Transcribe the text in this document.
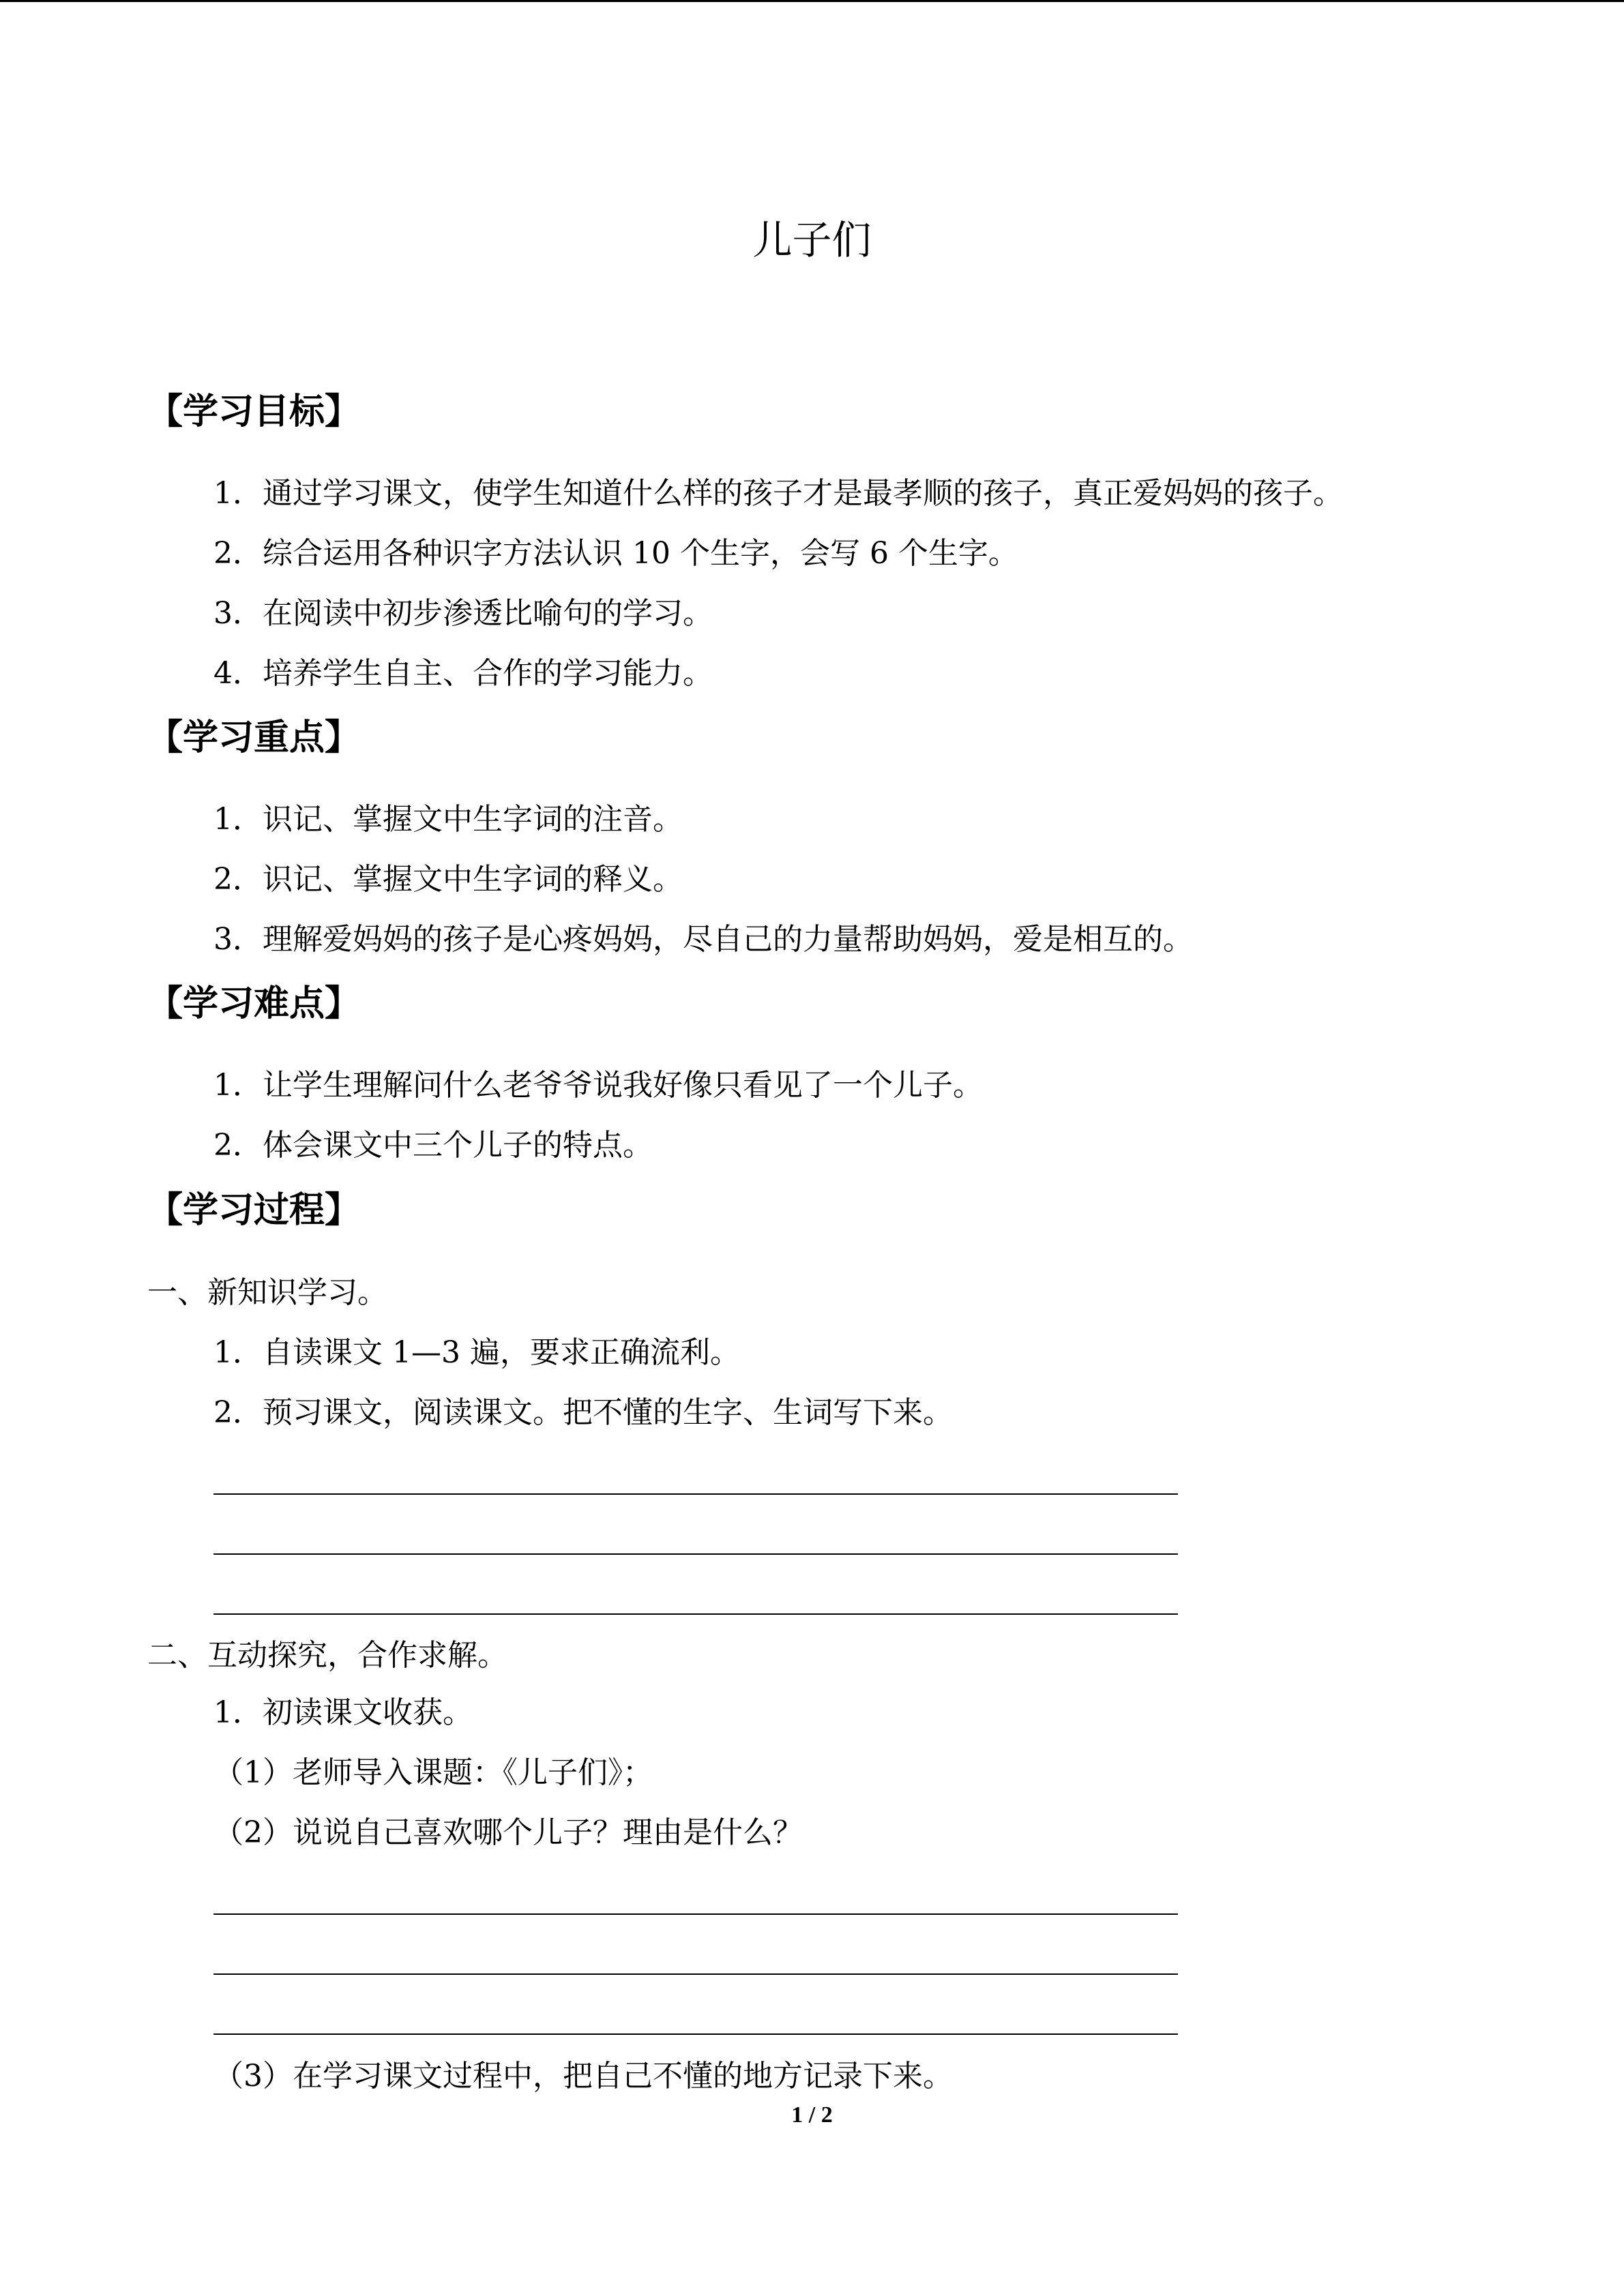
儿子们
【学习目标】
1．通过学习课文，使学生知道什么样的孩子才是最孝顺的孩子，真正爱妈妈的孩子。
2．综合运用各种识字方法认识 10 个生字，会写 6 个生字。
3．在阅读中初步渗透比喻句的学习。
4．培养学生自主、合作的学习能力。
【学习重点】
1．识记、掌握文中生字词的注音。
2．识记、掌握文中生字词的释义。
3．理解爱妈妈的孩子是心疼妈妈，尽自己的力量帮助妈妈，爱是相互的。
【学习难点】
1．让学生理解问什么老爷爷说我好像只看见了一个儿子。
2．体会课文中三个儿子的特点。
【学习过程】
一、新知识学习。
1．自读课文 1—3 遍，要求正确流利。
2．预习课文，阅读课文。把不懂的生字、生词写下来。
二、互动探究，合作求解。
1．初读课文收获。
（1）老师导入课题：《儿子们》；
（2）说说自己喜欢哪个儿子？理由是什么？
（3）在学习课文过程中，把自己不懂的地方记录下来。
1 / 2
